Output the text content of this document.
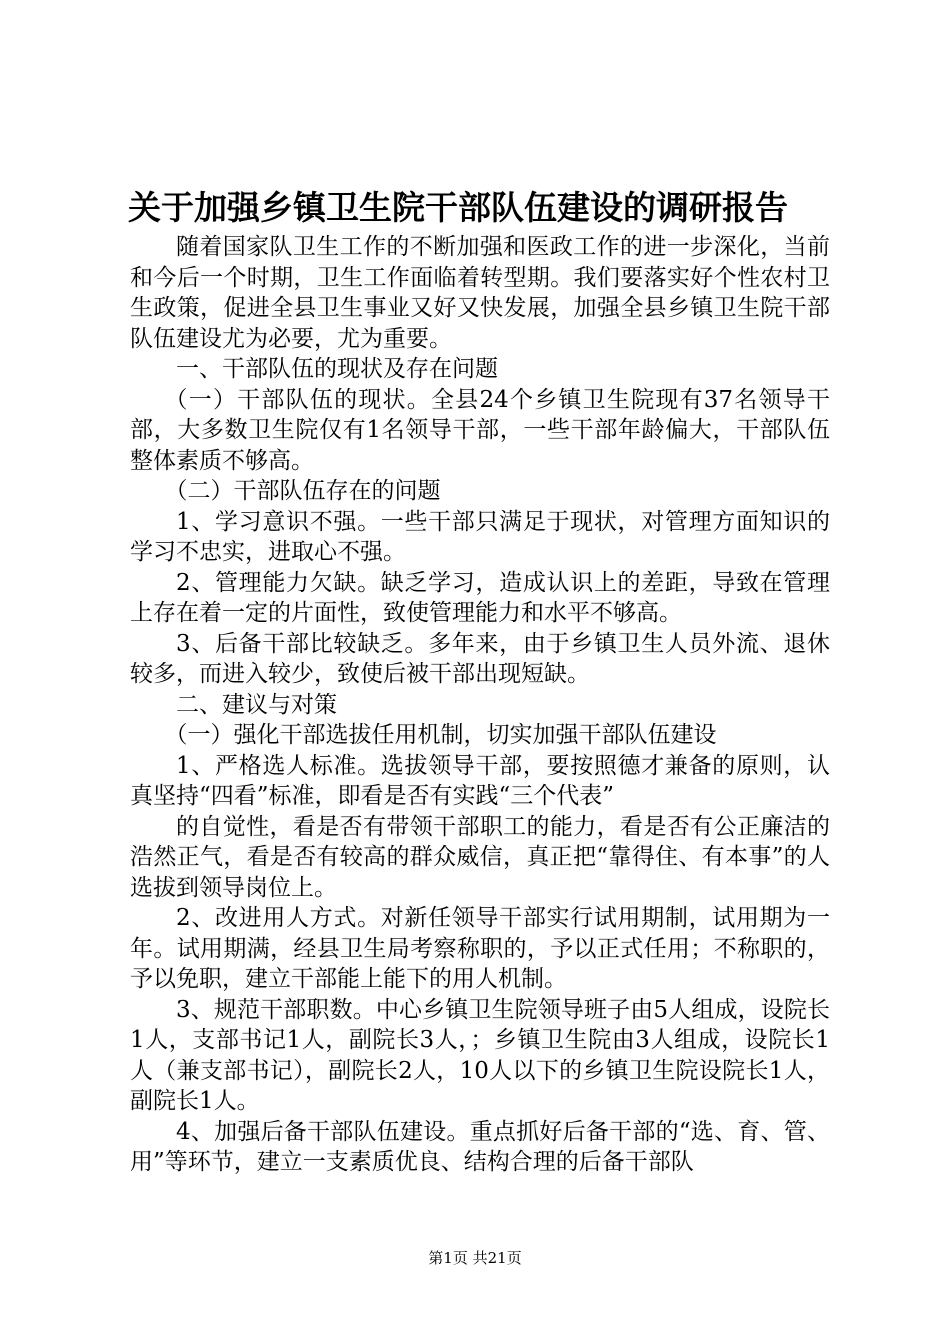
关于加强乡镇卫生院干部队伍建设的调研报告

随着国家队卫生工作的不断加强和医政工作的进一步深化，当前和今后一个时期，卫生工作面临着转型期。我们要落实好个性农村卫生政策，促进全县卫生事业又好又快发展，加强全县乡镇卫生院干部队伍建设尤为必要，尤为重要。

一、干部队伍的现状及存在问题

（一）干部队伍的现状。全县24个乡镇卫生院现有37名领导干部，大多数卫生院仅有1名领导干部，一些干部年龄偏大，干部队伍整体素质不够高。

（二）干部队伍存在的问题

1、学习意识不强。一些干部只满足于现状，对管理方面知识的学习不忠实，进取心不强。

2、管理能力欠缺。缺乏学习，造成认识上的差距，导致在管理上存在着一定的片面性，致使管理能力和水平不够高。

3、后备干部比较缺乏。多年来，由于乡镇卫生人员外流、退休较多，而进入较少，致使后被干部出现短缺。

二、建议与对策

（一）强化干部选拔任用机制，切实加强干部队伍建设

1、严格选人标准。选拔领导干部，要按照德才兼备的原则，认真坚持“四看”标准，即看是否有实践“三个代表”

的自觉性，看是否有带领干部职工的能力，看是否有公正廉洁的浩然正气，看是否有较高的群众威信，真正把“靠得住、有本事”的人选拔到领导岗位上。

2、改进用人方式。对新任领导干部实行试用期制，试用期为一年。试用期满，经县卫生局考察称职的，予以正式任用；不称职的，予以免职，建立干部能上能下的用人机制。

3、规范干部职数。中心乡镇卫生院领导班子由5人组成，设院长1人，支部书记1人，副院长3人，；乡镇卫生院由3人组成，设院长1人（兼支部书记），副院长2人，10人以下的乡镇卫生院设院长1人，副院长1人。

4、加强后备干部队伍建设。重点抓好后备干部的“选、育、管、用”等环节，建立一支素质优良、结构合理的后备干部队

第1页 共21页
